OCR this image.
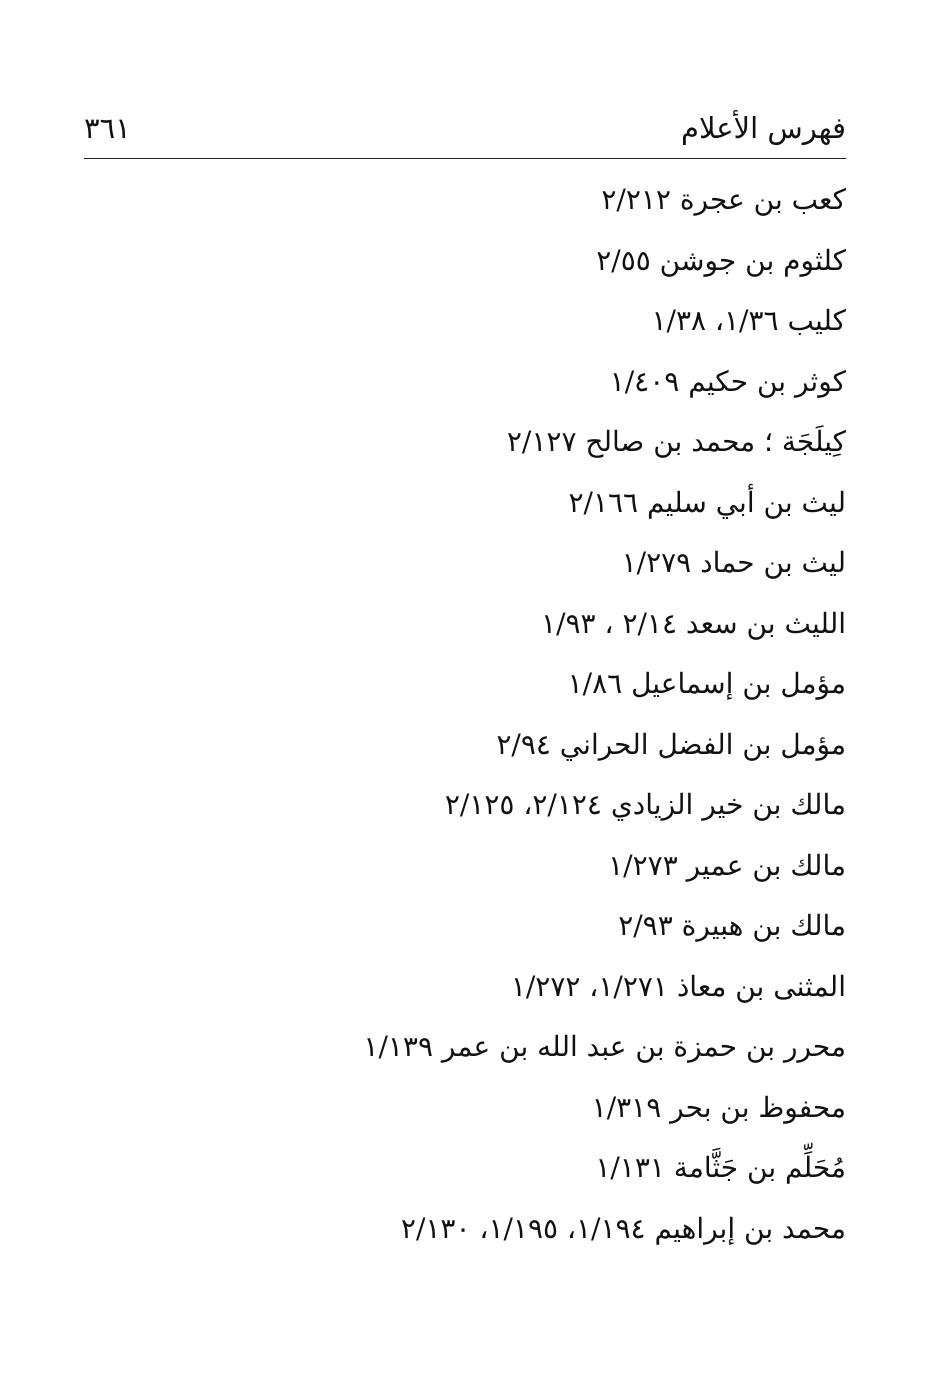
فهرس الأعلام
٣٦١
كعب بن عجرة ٢/٢١٢
كلثوم بن جوشن ٢/٥٥
كليب ١/٣٦، ١/٣٨
كوثر بن حكيم ١/٤٠٩
كِيلَجَة ؛ محمد بن صالح ٢/١٢٧
ليث بن أبي سليم ٢/١٦٦
ليث بن حماد ١/٢٧٩
الليث بن سعد ٢/١٤ ، ١/٩٣
مؤمل بن إسماعيل ١/٨٦
مؤمل بن الفضل الحراني ٢/٩٤
مالك بن خير الزيادي ٢/١٢٤، ٢/١٢٥
مالك بن عمير ١/٢٧٣
مالك بن هبيرة ٢/٩٣
المثنى بن معاذ ١/٢٧١، ١/٢٧٢
محرر بن حمزة بن عبد الله بن عمر ١/١٣٩
محفوظ بن بحر ١/٣١٩
مُحَلِّم بن جَثَّامة ١/١٣١
محمد بن إبراهيم ١/١٩٤، ١/١٩٥، ٢/١٣٠
